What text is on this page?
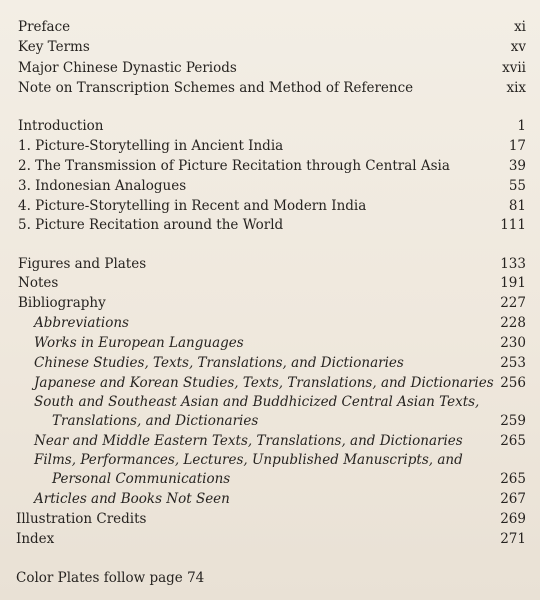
Preface	xi
Key Terms	xv
Major Chinese Dynastic Periods	xvii
Note on Transcription Schemes and Method of Reference	xix
Introduction	1
1. Picture-Storytelling in Ancient India	17
2. The Transmission of Picture Recitation through Central Asia	39
3. Indonesian Analogues	55
4. Picture-Storytelling in Recent and Modern India	81
5. Picture Recitation around the World	111
Figures and Plates	133
Notes	191
Bibliography	227
Abbreviations	228
Works in European Languages	230
Chinese Studies, Texts, Translations, and Dictionaries	253
Japanese and Korean Studies, Texts, Translations, and Dictionaries 256
South and Southeast Asian and Buddhicized Central Asian Texts,
Translations, and Dictionaries	259
Near and Middle Eastern Texts, Translations, and Dictionaries	265
Films, Performances, Lectures, Unpublished Manuscripts, and
Personal Communications	265
Articles and Books Not Seen	267
Illustration Credits	269
Index	271
Color Plates follow page 74
